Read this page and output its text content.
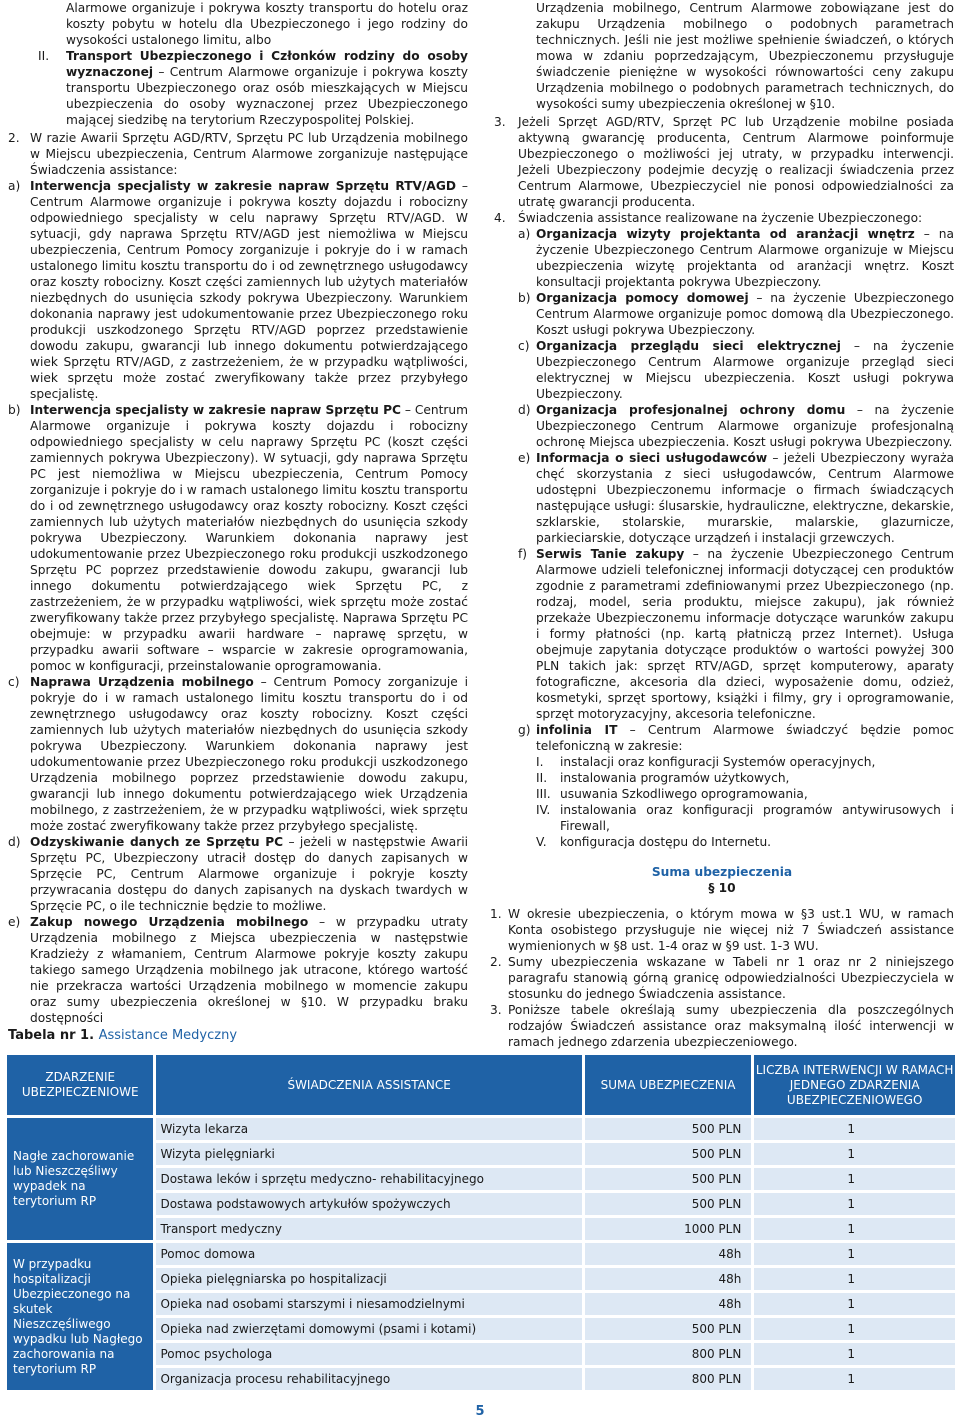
Alarmowe organizuje i pokrywa koszty transportu do hotelu oraz koszty pobytu w hotelu dla Ubezpieczonego i jego rodziny do wysokości ustalonego limitu, albo

II. Transport Ubezpieczonego i Członków rodziny do osoby wyznaczonej – Centrum Alarmowe organizuje i pokrywa koszty transportu Ubezpieczonego oraz osób mieszkających w Miejscu ubezpieczenia do osoby wyznaczonej przez Ubezpieczonego mającej siedzibę na terytorium Rzeczypospolitej Polskiej.

2. W razie Awarii Sprzętu AGD/RTV, Sprzętu PC lub Urządzenia mobilnego w Miejscu ubezpieczenia, Centrum Alarmowe zorganizuje następujące Świadczenia assistance:

a) Interwencja specjalisty w zakresie napraw Sprzętu RTV/AGD – Centrum Alarmowe organizuje i pokrywa koszty dojazdu i robocizny odpowiedniego specjalisty w celu naprawy Sprzętu RTV/AGD. W sytuacji, gdy naprawa Sprzętu RTV/AGD jest niemożliwa w Miejscu ubezpieczenia, Centrum Pomocy zorganizuje i pokryje do i w ramach ustalonego limitu kosztu transportu do i od zewnętrznego usługodawcy oraz koszty robocizny. Koszt części zamiennych lub użytych materiałów niezbędnych do usunięcia szkody pokrywa Ubezpieczony. Warunkiem dokonania naprawy jest udokumentowanie przez Ubezpieczonego roku produkcji uszkodzonego Sprzętu RTV/AGD poprzez przedstawienie dowodu zakupu, gwarancji lub innego dokumentu potwierdzającego wiek Sprzętu RTV/AGD, z zastrzeżeniem, że w przypadku wątpliwości, wiek sprzętu może zostać zweryfikowany także przez przybyłego specjalistę.

b) Interwencja specjalisty w zakresie napraw Sprzętu PC – Centrum Alarmowe organizuje i pokrywa koszty dojazdu i robocizny odpowiedniego specjalisty w celu naprawy Sprzętu PC (koszt części zamiennych pokrywa Ubezpieczony). W sytuacji, gdy naprawa Sprzętu PC jest niemożliwa w Miejscu ubezpieczenia, Centrum Pomocy zorganizuje i pokryje do i w ramach ustalonego limitu kosztu transportu do i od zewnętrznego usługodawcy oraz koszty robocizny. Koszt części zamiennych lub użytych materiałów niezbędnych do usunięcia szkody pokrywa Ubezpieczony. Warunkiem dokonania naprawy jest udokumentowanie przez Ubezpieczonego roku produkcji uszkodzonego Sprzętu PC poprzez przedstawienie dowodu zakupu, gwarancji lub innego dokumentu potwierdzającego wiek Sprzętu PC, z zastrzeżeniem, że w przypadku wątpliwości, wiek sprzętu może zostać zweryfikowany także przez przybyłego specjalistę. Naprawa Sprzętu PC obejmuje: w przypadku awarii hardware – naprawę sprzętu, w przypadku awarii software – wsparcie w zakresie oprogramowania, pomoc w konfiguracji, przeinstalowanie oprogramowania.

c) Naprawa Urządzenia mobilnego – Centrum Pomocy zorganizuje i pokryje do i w ramach ustalonego limitu kosztu transportu do i od zewnętrznego usługodawcy oraz koszty robocizny. Koszt części zamiennych lub użytych materiałów niezbędnych do usunięcia szkody pokrywa Ubezpieczony. Warunkiem dokonania naprawy jest udokumentowanie przez Ubezpieczonego roku produkcji uszkodzonego Urządzenia mobilnego poprzez przedstawienie dowodu zakupu, gwarancji lub innego dokumentu potwierdzającego wiek Urządzenia mobilnego, z zastrzeżeniem, że w przypadku wątpliwości, wiek sprzętu może zostać zweryfikowany także przez przybyłego specjalistę.

d) Odzyskiwanie danych ze Sprzętu PC – jeżeli w następstwie Awarii Sprzętu PC, Ubezpieczony utracił dostęp do danych zapisanych w Sprzęcie PC, Centrum Alarmowe organizuje i pokryje koszty przywracania dostępu do danych zapisanych na dyskach twardych w Sprzęcie PC, o ile technicznie będzie to możliwe.

e) Zakup nowego Urządzenia mobilnego – w przypadku utraty Urządzenia mobilnego z Miejsca ubezpieczenia w następstwie Kradzieży z włamaniem, Centrum Alarmowe pokryje koszty zakupu takiego samego Urządzenia mobilnego jak utracone, którego wartość nie przekracza wartości Urządzenia mobilnego w momencie zakupu oraz sumy ubezpieczenia określonej w §10. W przypadku braku dostępności

Urządzenia mobilnego, Centrum Alarmowe zobowiązane jest do zakupu Urządzenia mobilnego o podobnych parametrach technicznych. Jeśli nie jest możliwe spełnienie świadczeń, o których mowa w zdaniu poprzedzającym, Ubezpieczonemu przysługuje świadczenie pieniężne w wysokości równowartości ceny zakupu Urządzenia mobilnego o podobnych parametrach technicznych, do wysokości sumy ubezpieczenia określonej w §10.

3. Jeżeli Sprzęt AGD/RTV, Sprzęt PC lub Urządzenie mobilne posiada aktywną gwarancję producenta, Centrum Alarmowe poinformuje Ubezpieczonego o możliwości jej utraty, w przypadku interwencji. Jeżeli Ubezpieczony podejmie decyzję o realizacji świadczenia przez Centrum Alarmowe, Ubezpieczyciel nie ponosi odpowiedzialności za utratę gwarancji producenta.

4. Świadczenia assistance realizowane na życzenie Ubezpieczonego:

a) Organizacja wizyty projektanta od aranżacji wnętrz – na życzenie Ubezpieczonego Centrum Alarmowe organizuje w Miejscu ubezpieczenia wizytę projektanta od aranżacji wnętrz. Koszt konsultacji projektanta pokrywa Ubezpieczony.

b) Organizacja pomocy domowej – na życzenie Ubezpieczonego Centrum Alarmowe organizuje pomoc domową dla Ubezpieczonego. Koszt usługi pokrywa Ubezpieczony.

c) Organizacja przeglądu sieci elektrycznej – na życzenie Ubezpieczonego Centrum Alarmowe organizuje przegląd sieci elektrycznej w Miejscu ubezpieczenia. Koszt usługi pokrywa Ubezpieczony.

d) Organizacja profesjonalnej ochrony domu – na życzenie Ubezpieczonego Centrum Alarmowe organizuje profesjonalną ochronę Miejsca ubezpieczenia. Koszt usługi pokrywa Ubezpieczony.

e) Informacja o sieci usługodawców – jeżeli Ubezpieczony wyraża chęć skorzystania z sieci usługodawców, Centrum Alarmowe udostępni Ubezpieczonemu informacje o firmach świadczących następujące usługi: ślusarskie, hydrauliczne, elektryczne, dekarskie, szklarskie, stolarskie, murarskie, malarskie, glazurnicze, parkieciarskie, dotyczące urządzeń i instalacji grzewczych.

f) Serwis Tanie zakupy – na życzenie Ubezpieczonego Centrum Alarmowe udzieli telefonicznej informacji dotyczącej cen produktów zgodnie z parametrami zdefiniowanymi przez Ubezpieczonego (np. rodzaj, model, seria produktu, miejsce zakupu), jak również przekaże Ubezpieczonemu informacje dotyczące warunków zakupu i formy płatności (np. kartą płatniczą przez Internet). Usługa obejmuje zapytania dotyczące produktów o wartości powyżej 300 PLN takich jak: sprzęt RTV/AGD, sprzęt komputerowy, aparaty fotograficzne, akcesoria dla dzieci, wyposażenie domu, odzież, kosmetyki, sprzęt sportowy, książki i filmy, gry i oprogramowanie, sprzęt motoryzacyjny, akcesoria telefoniczne.

g) infolinia IT – Centrum Alarmowe świadczyć będzie pomoc telefoniczną w zakresie:

I. instalacji oraz konfiguracji Systemów operacyjnych,

II. instalowania programów użytkowych,

III. usuwania Szkodliwego oprogramowania,

IV. instalowania oraz konfiguracji programów antywirusowych i Firewall,

V. konfiguracja dostępu do Internetu.

Suma ubezpieczenia
§ 10

1. W okresie ubezpieczenia, o którym mowa w §3 ust.1 WU, w ramach Konta osobistego przysługuje nie więcej niż 7 Świadczeń assistance wymienionych w §8 ust. 1-4 oraz w §9 ust. 1-3 WU.

2. Sumy ubezpieczenia wskazane w Tabeli nr 1 oraz nr 2 niniejszego paragrafu stanowią górną granicę odpowiedzialności Ubezpieczyciela w stosunku do jednego Świadczenia assistance.

3. Poniższe tabele określają sumy ubezpieczenia dla poszczególnych rodzajów Świadczeń assistance oraz maksymalną ilość interwencji w ramach jednego zdarzenia ubezpieczeniowego.

Tabela nr 1. Assistance Medyczny
ZDARZENIE UBEZPIECZENIOWE	ŚWIADCZENIA ASSISTANCE	SUMA UBEZPIECZENIA	LICZBA INTERWENCJI W RAMACH JEDNEGO ZDARZENIA UBEZPIECZENIOWEGO
Nagłe zachorowanie lub Nieszczęśliwy wypadek na terytorium RP	Wizyta lekarza	500 PLN	1
	Wizyta pielęgniarki	500 PLN	1
	Dostawa leków i sprzętu medyczno- rehabilitacyjnego	500 PLN	1
	Dostawa podstawowych artykułów spożywczych	500 PLN	1
	Transport medyczny	1000 PLN	1
W przypadku hospitalizacji Ubezpieczonego na skutek Nieszczęśliwego wypadku lub Nagłego zachorowania na terytorium RP	Pomoc domowa	48h	1
	Opieka pielęgniarska po hospitalizacji	48h	1
	Opieka nad osobami starszymi i niesamodzielnymi	48h	1
	Opieka nad zwierzętami domowymi (psami i kotami)	500 PLN	1
	Pomoc psychologa	800 PLN	1
	Organizacja procesu rehabilitacyjnego	800 PLN	1
5
